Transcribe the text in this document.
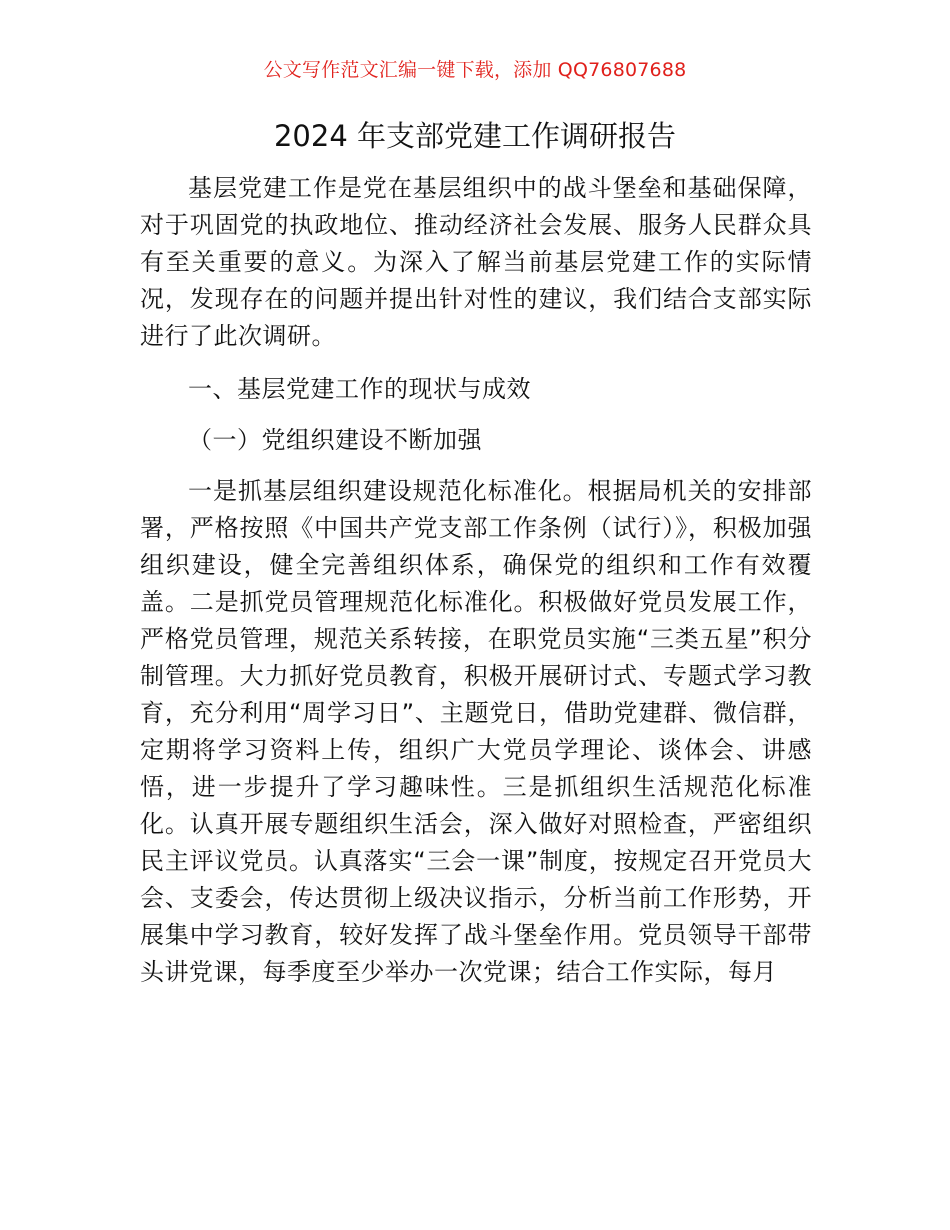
公文写作范文汇编一键下载，添加 QQ76807688
2024 年支部党建工作调研报告

基层党建工作是党在基层组织中的战斗堡垒和基础保障，对于巩固党的执政地位、推动经济社会发展、服务人民群众具有至关重要的意义。为深入了解当前基层党建工作的实际情况，发现存在的问题并提出针对性的建议，我们结合支部实际进行了此次调研。

一、基层党建工作的现状与成效

（一）党组织建设不断加强

一是抓基层组织建设规范化标准化。根据局机关的安排部署，严格按照《中国共产党支部工作条例（试行）》，积极加强组织建设，健全完善组织体系，确保党的组织和工作有效覆盖。二是抓党员管理规范化标准化。积极做好党员发展工作，严格党员管理，规范关系转接，在职党员实施“三类五星”积分制管理。大力抓好党员教育，积极开展研讨式、专题式学习教育，充分利用“周学习日”、主题党日，借助党建群、微信群，定期将学习资料上传，组织广大党员学理论、谈体会、讲感悟，进一步提升了学习趣味性。三是抓组织生活规范化标准化。认真开展专题组织生活会，深入做好对照检查，严密组织民主评议党员。认真落实“三会一课”制度，按规定召开党员大会、支委会，传达贯彻上级决议指示，分析当前工作形势，开展集中学习教育，较好发挥了战斗堡垒作用。党员领导干部带头讲党课，每季度至少举办一次党课；结合工作实际，每月
